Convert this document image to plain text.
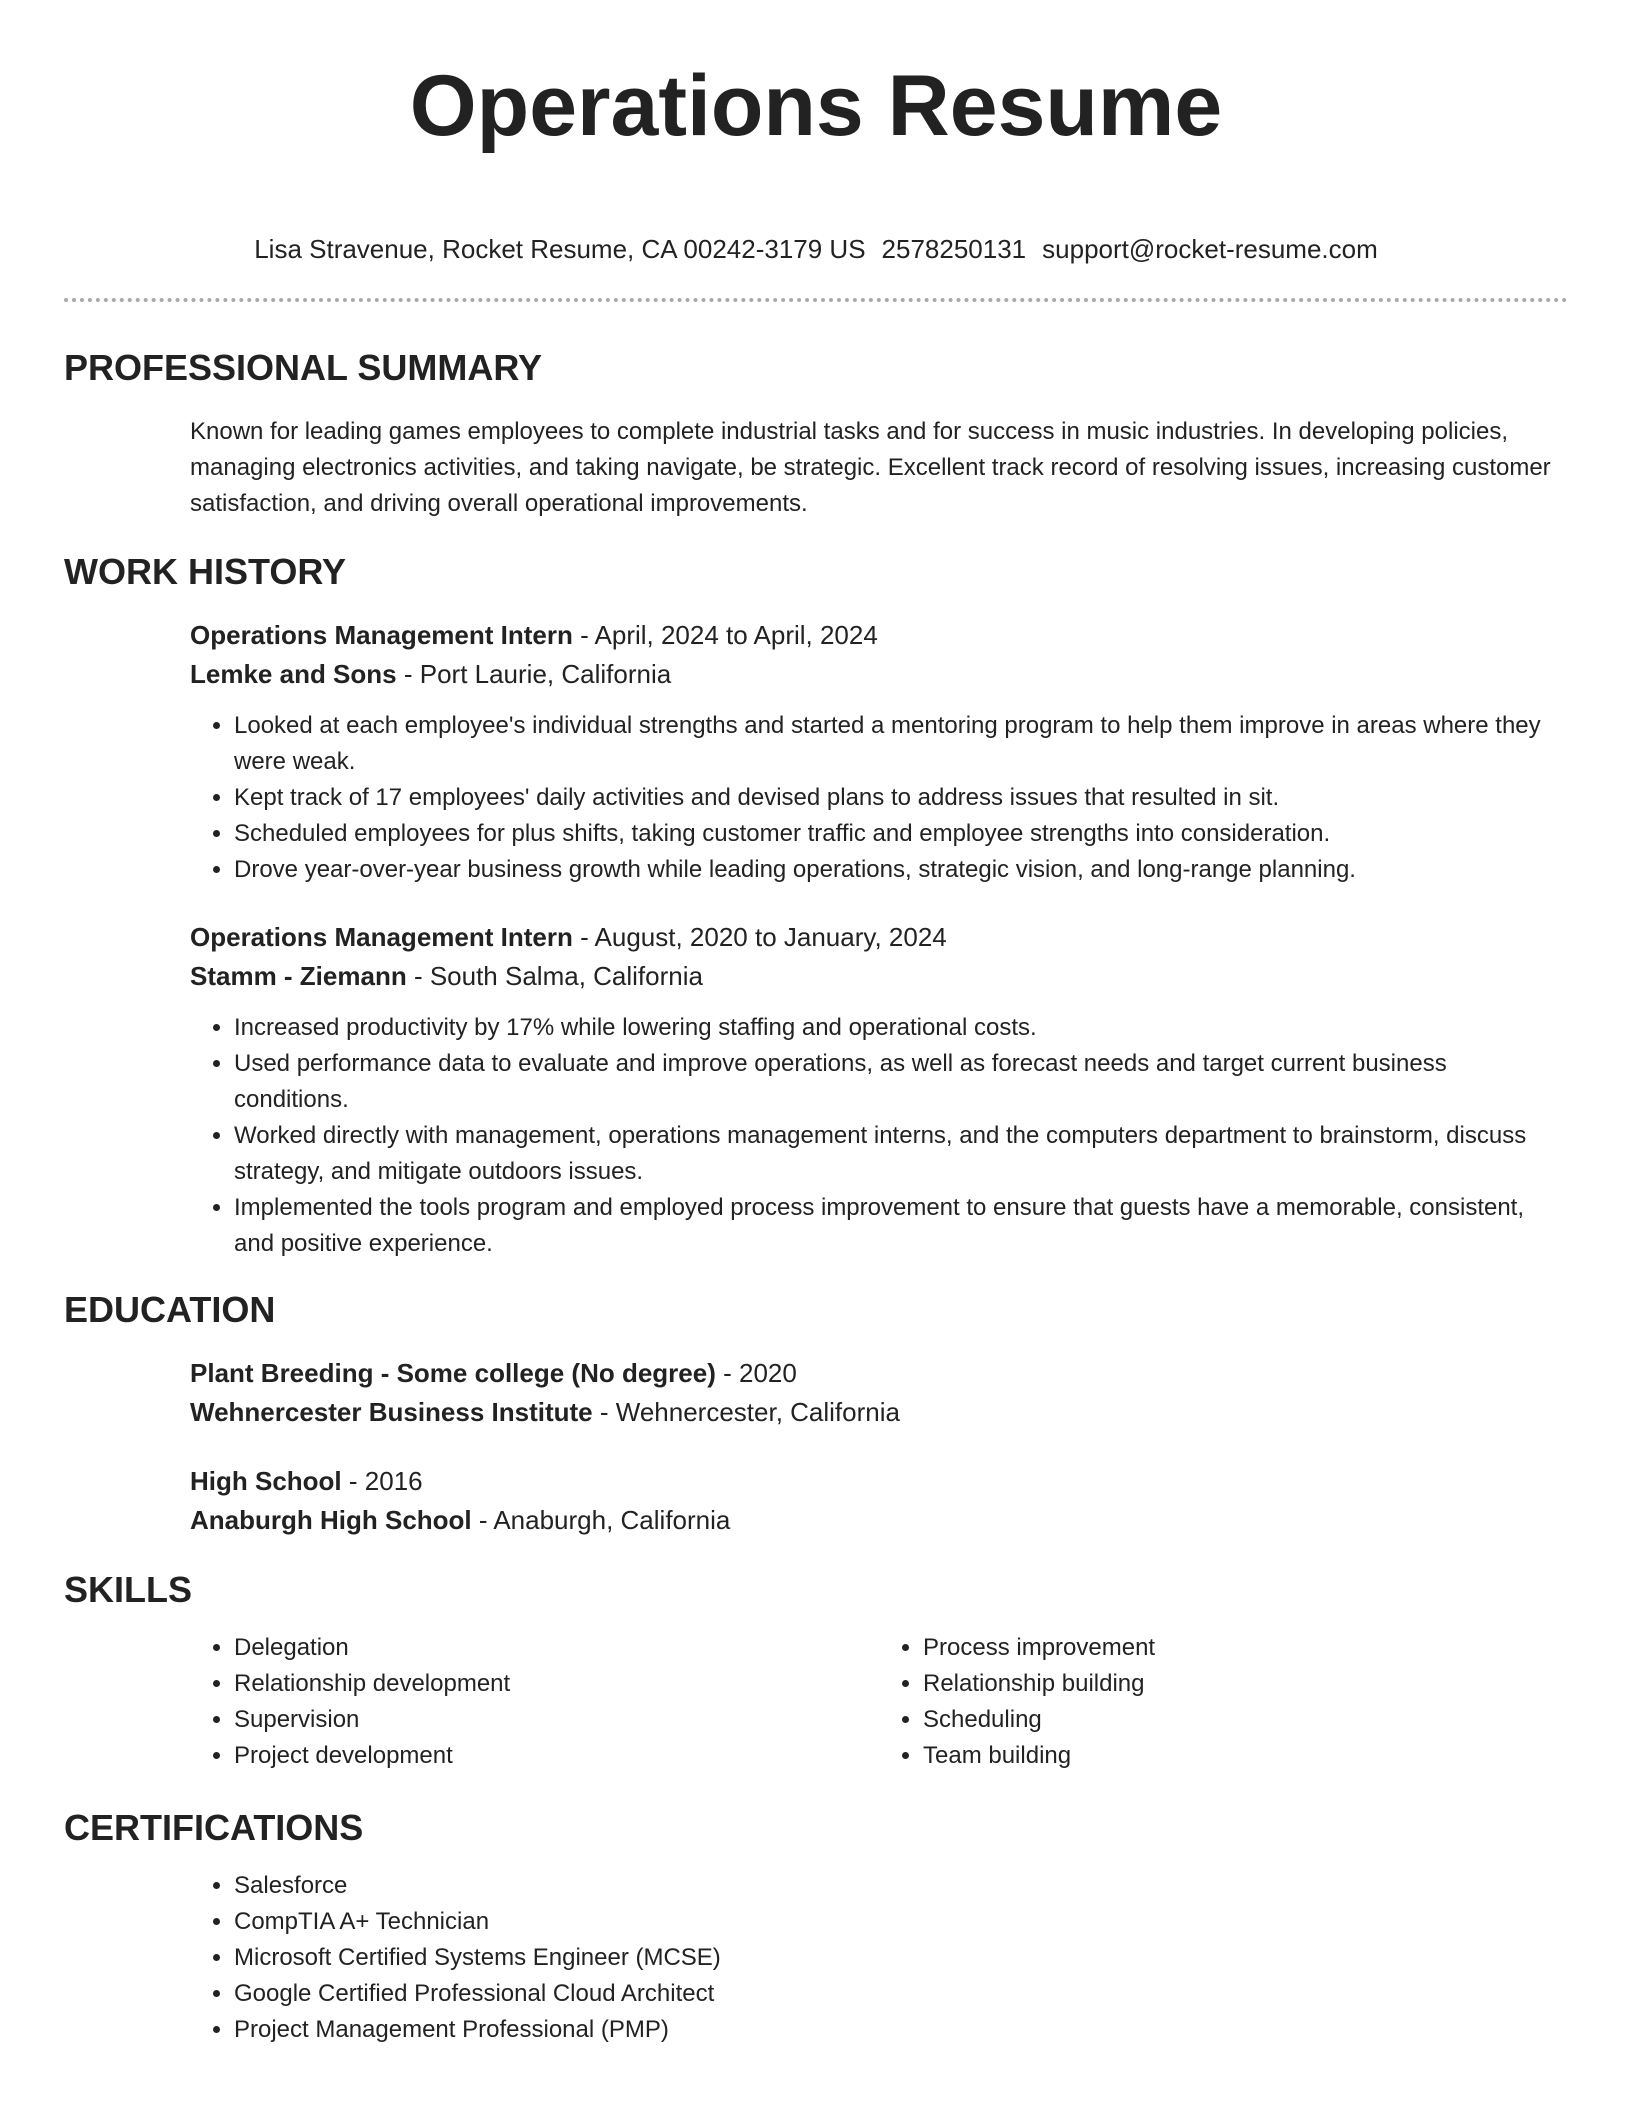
Operations Resume
Lisa Stravenue, Rocket Resume, CA 00242-3179 US 2578250131 support@rocket-resume.com
PROFESSIONAL SUMMARY
Known for leading games employees to complete industrial tasks and for success in music industries. In developing policies, managing electronics activities, and taking navigate, be strategic. Excellent track record of resolving issues, increasing customer satisfaction, and driving overall operational improvements.
WORK HISTORY
Operations Management Intern - April, 2024 to April, 2024
Lemke and Sons - Port Laurie, California
• Looked at each employee's individual strengths and started a mentoring program to help them improve in areas where they were weak.
• Kept track of 17 employees' daily activities and devised plans to address issues that resulted in sit.
• Scheduled employees for plus shifts, taking customer traffic and employee strengths into consideration.
• Drove year-over-year business growth while leading operations, strategic vision, and long-range planning.
Operations Management Intern - August, 2020 to January, 2024
Stamm - Ziemann - South Salma, California
• Increased productivity by 17% while lowering staffing and operational costs.
• Used performance data to evaluate and improve operations, as well as forecast needs and target current business conditions.
• Worked directly with management, operations management interns, and the computers department to brainstorm, discuss strategy, and mitigate outdoors issues.
• Implemented the tools program and employed process improvement to ensure that guests have a memorable, consistent, and positive experience.
EDUCATION
Plant Breeding - Some college (No degree) - 2020
Wehnercester Business Institute - Wehnercester, California
High School - 2016
Anaburgh High School - Anaburgh, California
SKILLS
• Delegation
• Relationship development
• Supervision
• Project development
• Process improvement
• Relationship building
• Scheduling
• Team building
CERTIFICATIONS
• Salesforce
• CompTIA A+ Technician
• Microsoft Certified Systems Engineer (MCSE)
• Google Certified Professional Cloud Architect
• Project Management Professional (PMP)
